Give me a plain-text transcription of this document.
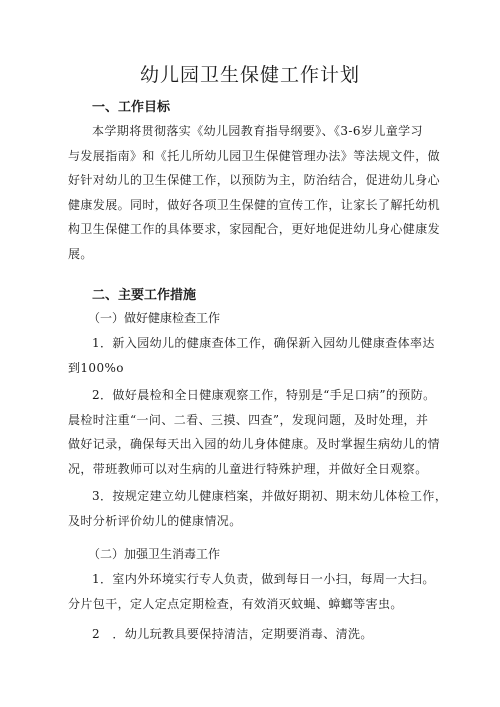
幼儿园卫生保健工作计划
一、工作目标
本学期将贯彻落实《幼儿园教育指导纲要》、《3-6岁儿童学习
与发展指南》和《托儿所幼儿园卫生保健管理办法》等法规文件，做
好针对幼儿的卫生保健工作，以预防为主，防治结合，促进幼儿身心
健康发展。同时，做好各项卫生保健的宣传工作，让家长了解托幼机
构卫生保健工作的具体要求，家园配合，更好地促进幼儿身心健康发
展。
二、主要工作措施
（一）做好健康检查工作
1．新入园幼儿的健康查体工作，确保新入园幼儿健康查体率达
到100%o
2．做好晨检和全日健康观察工作，特别是“手足口病”的预防。
晨检时注重“一问、二看、三摸、四查”，发现问题，及时处理，并
做好记录，确保每天出入园的幼儿身体健康。及时掌握生病幼儿的情
况，带班教师可以对生病的儿童进行特殊护理，并做好全日观察。
3．按规定建立幼儿健康档案，并做好期初、期末幼儿体检工作，
及时分析评价幼儿的健康情况。
（二）加强卫生消毒工作
1．室内外环境实行专人负责，做到每日一小扫，每周一大扫。
分片包干，定人定点定期检查，有效消灭蚊蝇、蟑螂等害虫。
2　．幼儿玩教具要保持清洁，定期要消毒、清洗。
